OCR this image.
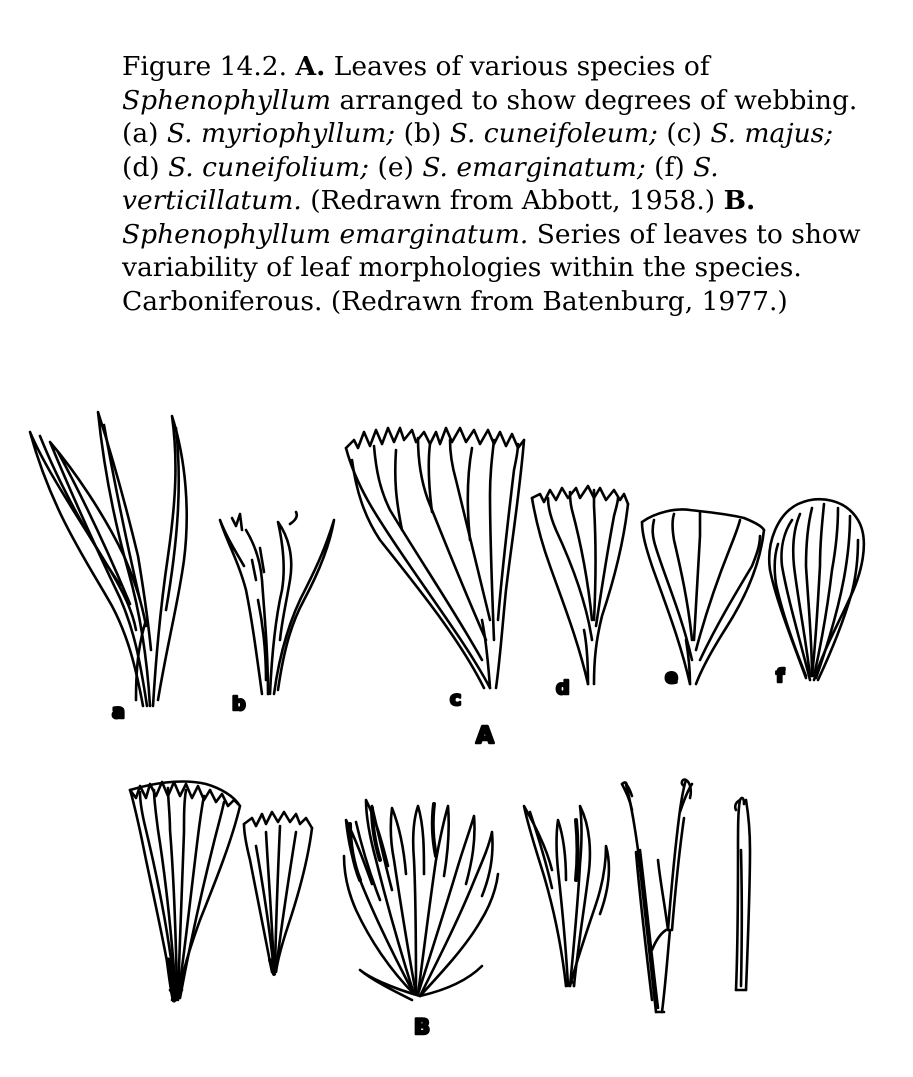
Figure 14.2. A. Leaves of various species of
Sphenophyllum arranged to show degrees of webbing.
(a) S. myriophyllum; (b) S. cuneifoleum; (c) S. majus;
(d) S. cuneifolium; (e) S. emarginatum; (f) S.
verticillatum. (Redrawn from Abbott, 1958.) B.
Sphenophyllum emarginatum. Series of leaves to show
variability of leaf morphologies within the species.
Carboniferous. (Redrawn from Batenburg, 1977.)
a	b	c	d	e	f
A
B
